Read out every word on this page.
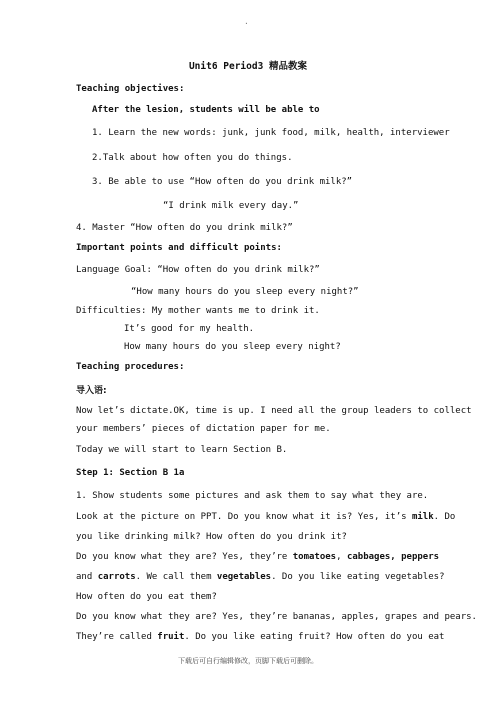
.
Unit6 Period3 精品教案
Teaching objectives:
After the lesion, students will be able to
1. Learn the new words: junk, junk food, milk, health, interviewer
2.Talk about how often you do things.
3. Be able to use “How often do you drink milk?”
“I drink milk every day.”
4. Master “How often do you drink milk?”
Important points and difficult points:
Language Goal: “How often do you drink milk?”
“How many hours do you sleep every night?”
Difficulties: My mother wants me to drink it.
It’s good for my health.
How many hours do you sleep every night?
Teaching procedures:
导入语:
Now let’s dictate.OK, time is up. I need all the group leaders to collect
your members’ pieces of dictation paper for me.
Today we will start to learn Section B.
Step 1: Section B 1a
1. Show students some pictures and ask them to say what they are.
Look at the picture on PPT. Do you know what it is? Yes, it’s milk. Do
you like drinking milk? How often do you drink it?
Do you know what they are? Yes, they’re tomatoes, cabbages, peppers
and carrots. We call them vegetables. Do you like eating vegetables?
How often do you eat them?
Do you know what they are? Yes, they’re bananas, apples, grapes and pears.
They’re called fruit. Do you like eating fruit? How often do you eat
下载后可自行编辑修改，页脚下载后可删除。
